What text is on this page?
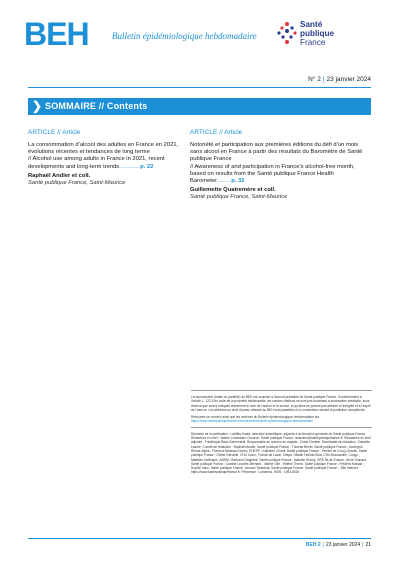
BEH	Bulletin épidémiologique hebdomadaire
Santé
publique
France
N° 2 | 23 janvier 2024
❯ SOMMAIRE // Contents
ARTICLE // Article
La consommation d’alcool des adultes en France en 2021, évolutions récentes et tendances de long terme
// Alcohol use among adults in France in 2021, recent developments and long-term trends.............p. 22
Raphaël Andler et coll.
Santé publique France, Saint-Maurice
ARTICLE // Article
Notoriété et participation aux premières éditions du défi d’un mois sans alcool en France à partir des résultats du Baromètre de Santé publique France
// Awareness of and participation in France’s alcohol-free month, based on results from the Santé publique France Health Barometer.........p. 32
Guillemette Quatremère et coll.
Santé publique France, Saint-Maurice

La reproduction (totale ou partielle) du BEH est soumise à l’accord préalable de Santé publique France. Conformément à l’article L. 122-5 du code de la propriété intellectuelle, les courtes citations ne sont pas soumises à autorisation préalable, sous réserve que soient indiqués clairement le nom de l’auteur et la source, et qu’elles ne portent pas atteinte à l’intégrité et à l’esprit de l’oeuvre. Les atteintes au droit d’auteur attaché au BEH sont passibles d’un contentieux devant la juridiction compétente.

Retrouvez ce numéro ainsi que les archives du Bulletin épidémiologique hebdomadaire sur https://www.santepubliquefrance.fr/revues/beh/bulletin-epidemiologique-hebdomadaire

Directeur de la publication : Laëtitia Huiart, directrice scientifique, adjointe à la directrice générale de Santé publique France. Rédactrice en chef : Valérie Colombani-Cocuron, Santé publique France, redaction@santepubliquefrance.fr. Rédactrice en chef adjointe : Frédérique Biton-Debernardi. Responsable du numéro en anglais : Chloé Chester. Secrétariat de rédaction : Danielle Lazure. Comité de rédaction : Raphaël Andler, Santé publique France ; Thomas Bénet, Santé publique France ; Auvergne-Rhône-Alpes ; Florence Bodeau-Livinec, EHESP ; Kathleen Chami, Santé publique France ; Perrine de Crouy-Chanel, Santé publique France ; Olivier Deruelle, CHU Caen ; Franck de Laval, Cespa ; Martin Herbas Ekat, CHU Brazzaville, Congo ; Matthieu Hoffmann, ANSM ; Bertrand Gagnière, Santé publique France ; Isabelle Grémy, ORS Île-de-France ; Anne Guinard, Santé publique France ; Camille Lecoffre-Bernard ; Valérie Olié ; Hélène Therre, Santé publique France ; Frédéric Moisan ; Sophie Vaux, Santé publique France ; Arnaud Tarantola, Santé publique France. Santé publique France – Site Internet : https://www.santepubliquefrance.fr. Prépresse : Luminess. ISSN : 1953-8030

BEH 2 | 23 janvier 2024 | 21
